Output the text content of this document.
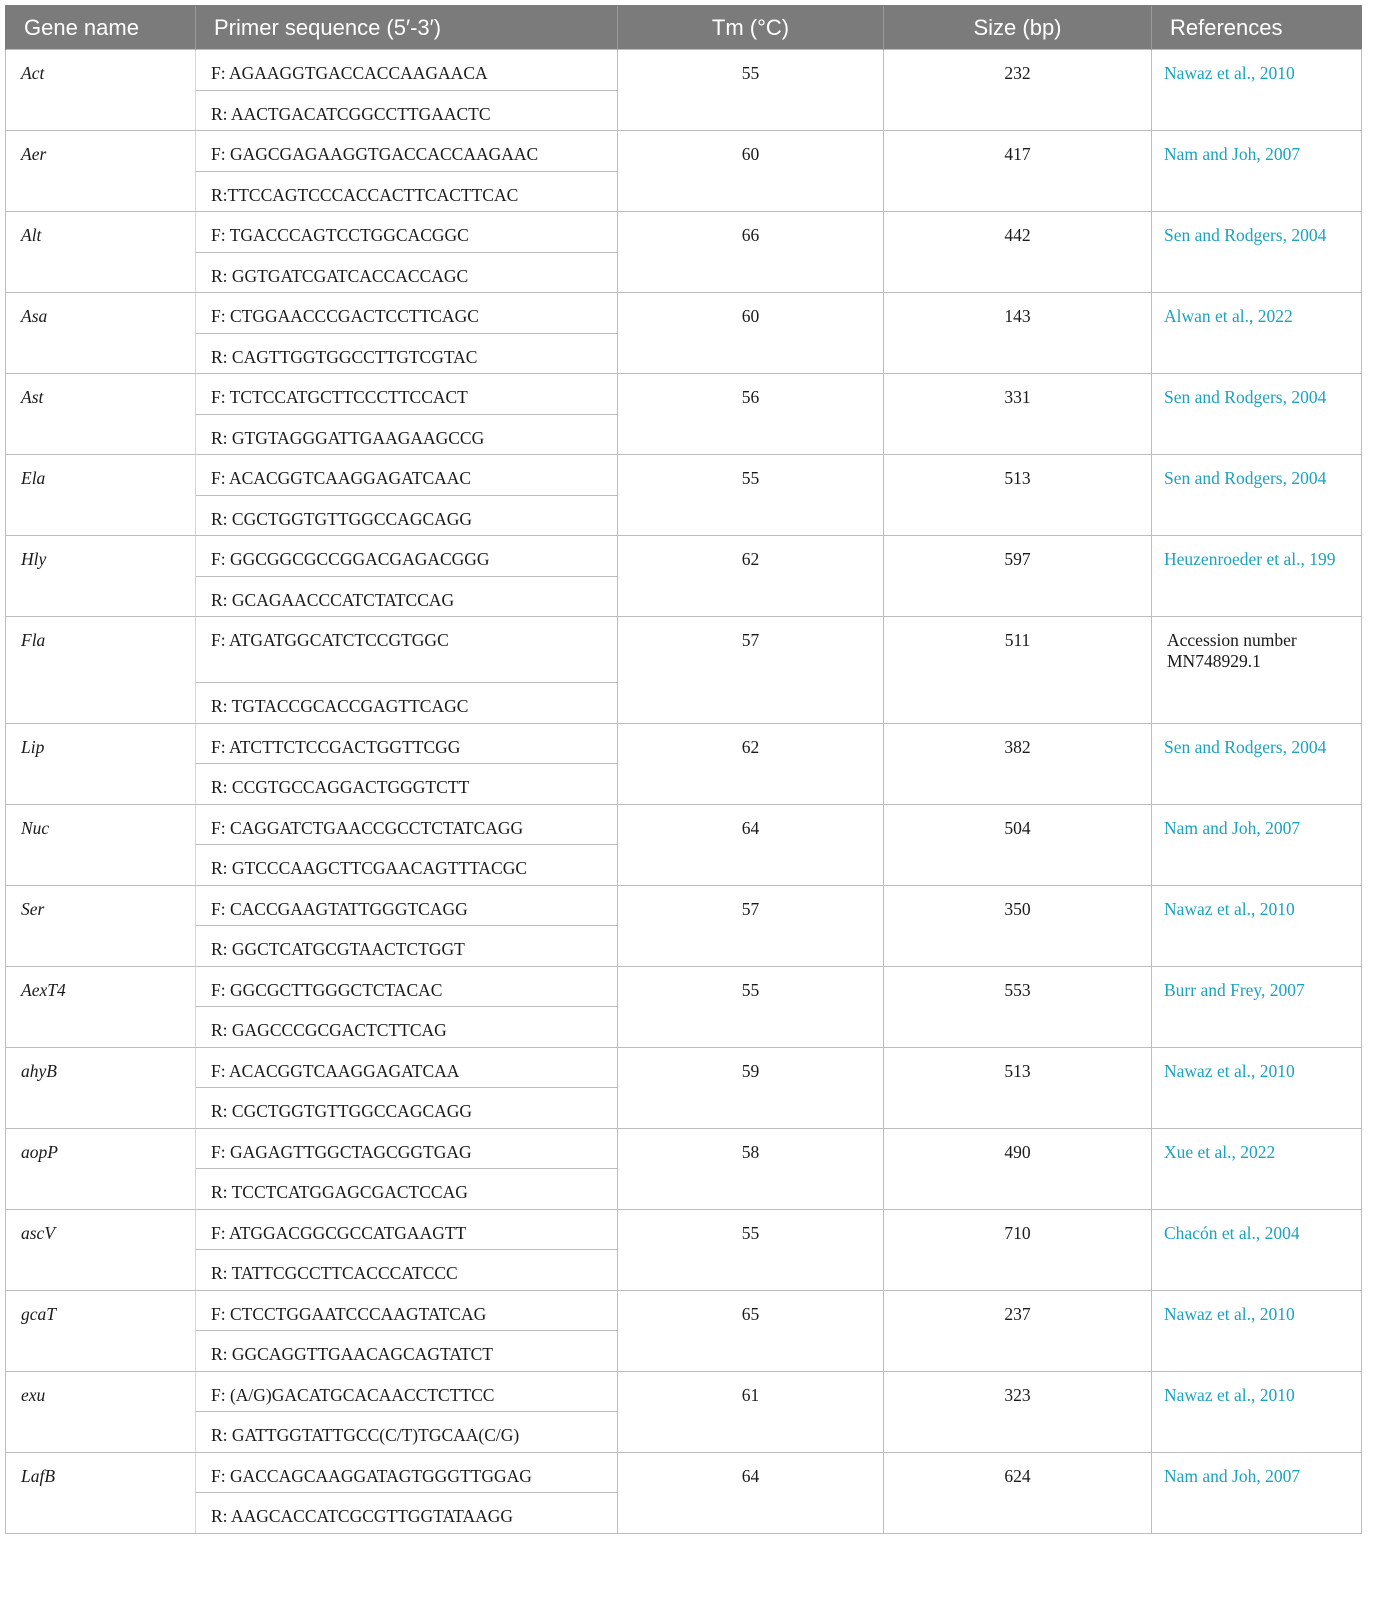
Gene name	Primer sequence (5′-3′)	Tm (°C)	Size (bp)	References
Act	F: AGAAGGTGACCACCAAGAACA	55	232	Nawaz et al., 2010
	R: AACTGACATCGGCCTTGAACTC			
Aer	F: GAGCGAGAAGGTGACCACCAAGAAC	60	417	Nam and Joh, 2007
	R:TTCCAGTCCCACCACTTCACTTCAC			
Alt	F: TGACCCAGTCCTGGCACGGC	66	442	Sen and Rodgers, 2004
	R: GGTGATCGATCACCACCAGC			
Asa	F: CTGGAACCCGACTCCTTCAGC	60	143	Alwan et al., 2022
	R: CAGTTGGTGGCCTTGTCGTAC			
Ast	F: TCTCCATGCTTCCCTTCCACT	56	331	Sen and Rodgers, 2004
	R: GTGTAGGGATTGAAGAAGCCG			
Ela	F: ACACGGTCAAGGAGATCAAC	55	513	Sen and Rodgers, 2004
	R: CGCTGGTGTTGGCCAGCAGG			
Hly	F: GGCGGCGCCGGACGAGACGGG	62	597	Heuzenroeder et al., 199
	R: GCAGAACCCATCTATCCAG			
Fla	F: ATGATGGCATCTCCGTGGC	57	511	Accession number MN748929.1
	R: TGTACCGCACCGAGTTCAGC			
Lip	F: ATCTTCTCCGACTGGTTCGG	62	382	Sen and Rodgers, 2004
	R: CCGTGCCAGGACTGGGTCTT			
Nuc	F: CAGGATCTGAACCGCCTCTATCAGG	64	504	Nam and Joh, 2007
	R: GTCCCAAGCTTCGAACAGTTTACGC			
Ser	F: CACCGAAGTATTGGGTCAGG	57	350	Nawaz et al., 2010
	R: GGCTCATGCGTAACTCTGGT			
AexT4	F: GGCGCTTGGGCTCTACAC	55	553	Burr and Frey, 2007
	R: GAGCCCGCGACTCTTCAG			
ahyB	F: ACACGGTCAAGGAGATCAA	59	513	Nawaz et al., 2010
	R: CGCTGGTGTTGGCCAGCAGG			
aopP	F: GAGAGTTGGCTAGCGGTGAG	58	490	Xue et al., 2022
	R: TCCTCATGGAGCGACTCCAG			
ascV	F: ATGGACGGCGCCATGAAGTT	55	710	Chacón et al., 2004
	R: TATTCGCCTTCACCCATCCC			
gcaT	F: CTCCTGGAATCCCAAGTATCAG	65	237	Nawaz et al., 2010
	R: GGCAGGTTGAACAGCAGTATCT			
exu	F: (A/G)GACATGCACAACCTCTTCC	61	323	Nawaz et al., 2010
	R: GATTGGTATTGCC(C/T)TGCAA(C/G)			
LafB	F: GACCAGCAAGGATAGTGGGTTGGAG	64	624	Nam and Joh, 2007
	R: AAGCACCATCGCGTTGGTATAAGG			
